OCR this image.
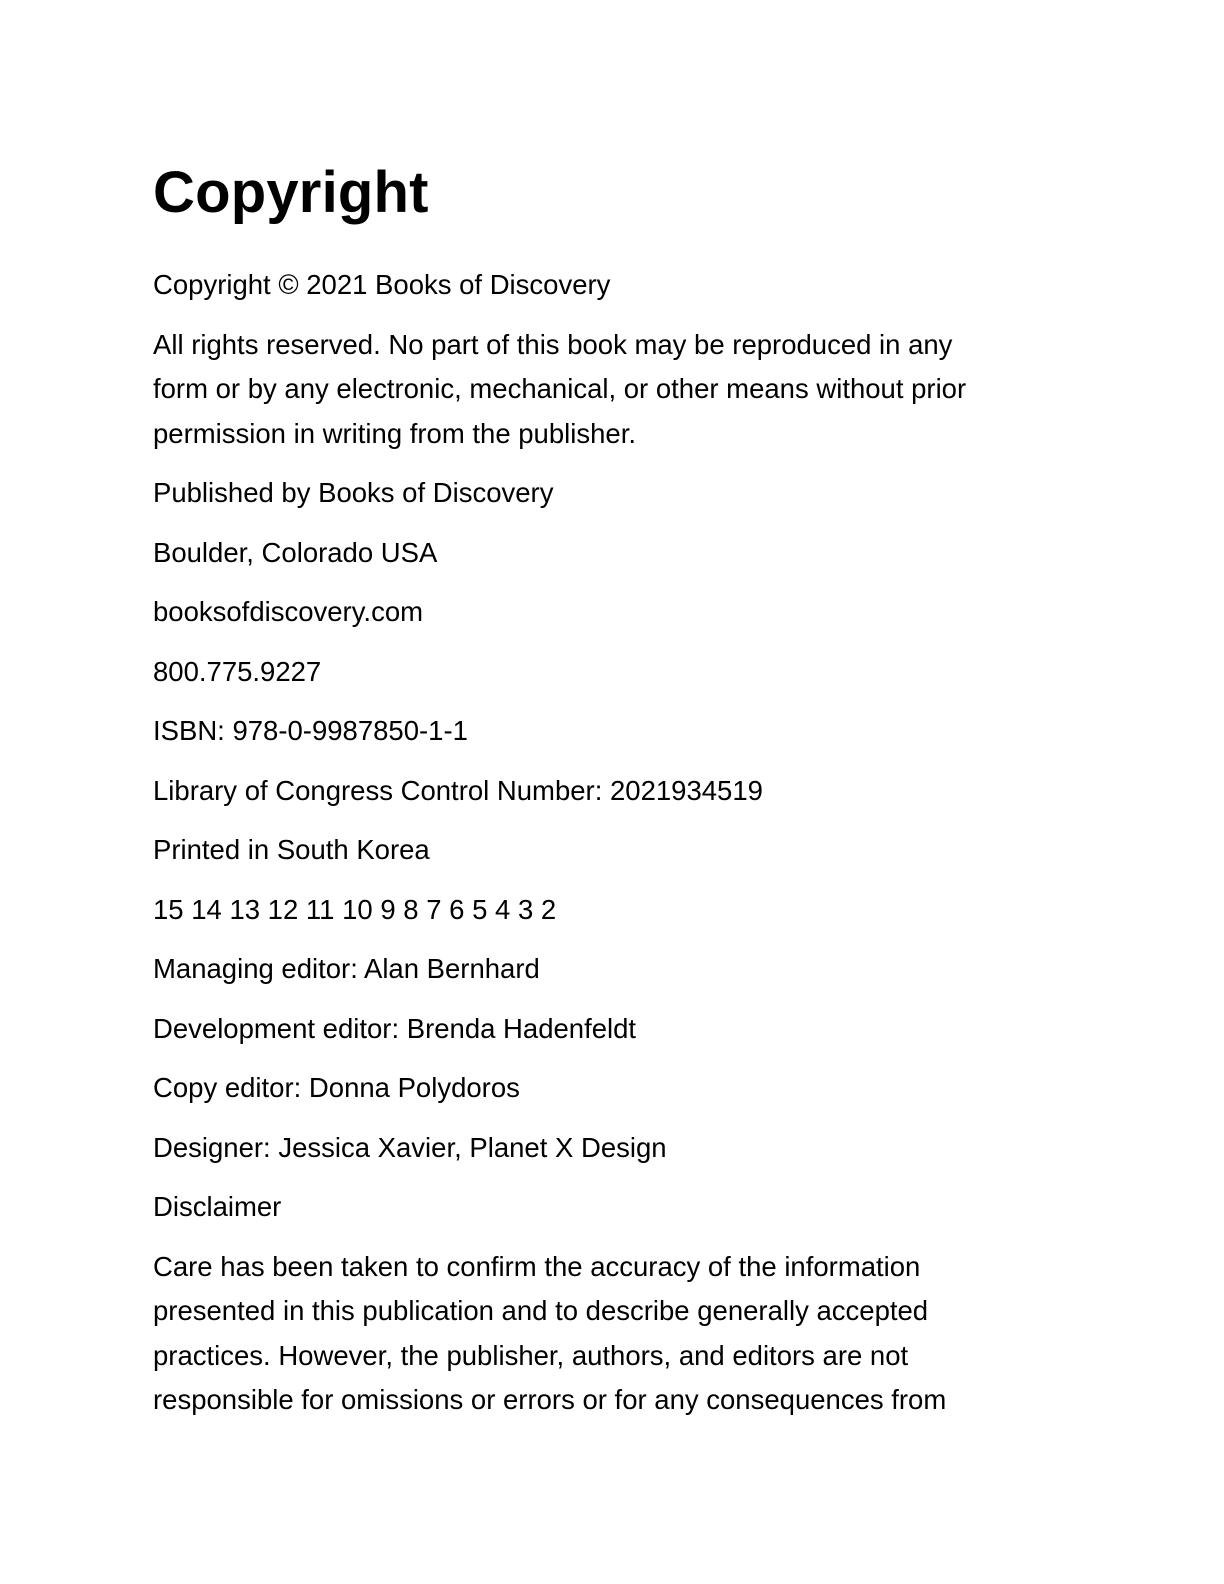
Copyright

Copyright © 2021 Books of Discovery

All rights reserved. No part of this book may be reproduced in any
form or by any electronic, mechanical, or other means without prior
permission in writing from the publisher.

Published by Books of Discovery

Boulder, Colorado USA

booksofdiscovery.com

800.775.9227

ISBN: 978-0-9987850-1-1

Library of Congress Control Number: 2021934519

Printed in South Korea

15 14 13 12 11 10 9 8 7 6 5 4 3 2

Managing editor: Alan Bernhard

Development editor: Brenda Hadenfeldt

Copy editor: Donna Polydoros

Designer: Jessica Xavier, Planet X Design

Disclaimer

Care has been taken to confirm the accuracy of the information
presented in this publication and to describe generally accepted
practices. However, the publisher, authors, and editors are not
responsible for omissions or errors or for any consequences from
